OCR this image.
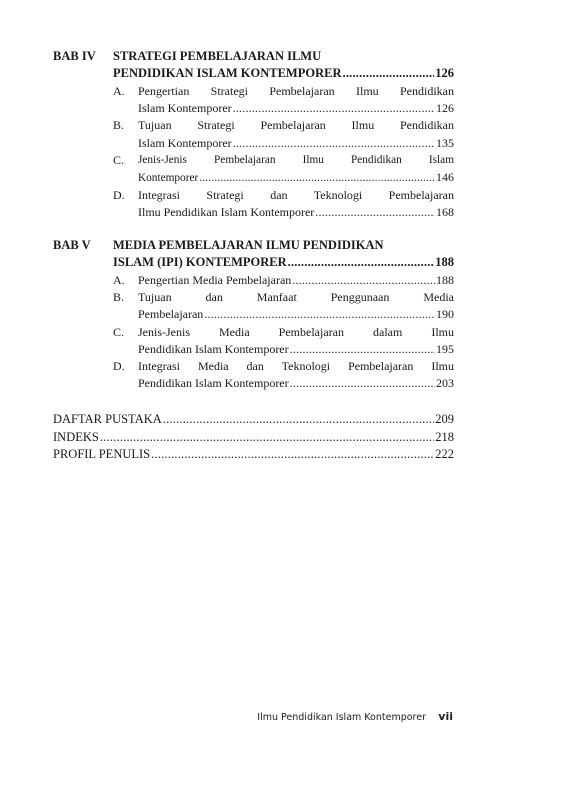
BAB IV STRATEGI PEMBELAJARAN ILMU
PENDIDIKAN ISLAM KONTEMPORER .....	126
A. Pengertian Strategi Pembelajaran Ilmu Pendidikan
Islam Kontemporer .....	126
B. Tujuan Strategi Pembelajaran Ilmu Pendidikan
Islam Kontemporer .....	135
C. Jenis-Jenis Pembelajaran Ilmu Pendidikan Islam
Kontemporer .....	146
D. Integrasi Strategi dan Teknologi Pembelajaran
Ilmu Pendidikan Islam Kontemporer .....	168
BAB V MEDIA PEMBELAJARAN ILMU PENDIDIKAN
ISLAM (IPI) KONTEMPORER .....	188
A. Pengertian Media Pembelajaran .....	188
B. Tujuan dan Manfaat Penggunaan Media
Pembelajaran .....	190
C. Jenis-Jenis Media Pembelajaran dalam Ilmu
Pendidikan Islam Kontemporer .....	195
D. Integrasi Media dan Teknologi Pembelajaran Ilmu
Pendidikan Islam Kontemporer .....	203
DAFTAR PUSTAKA .....	209
INDEKS .....	218
PROFIL PENULIS .....	222
Ilmu Pendidikan Islam Kontemporer vii
